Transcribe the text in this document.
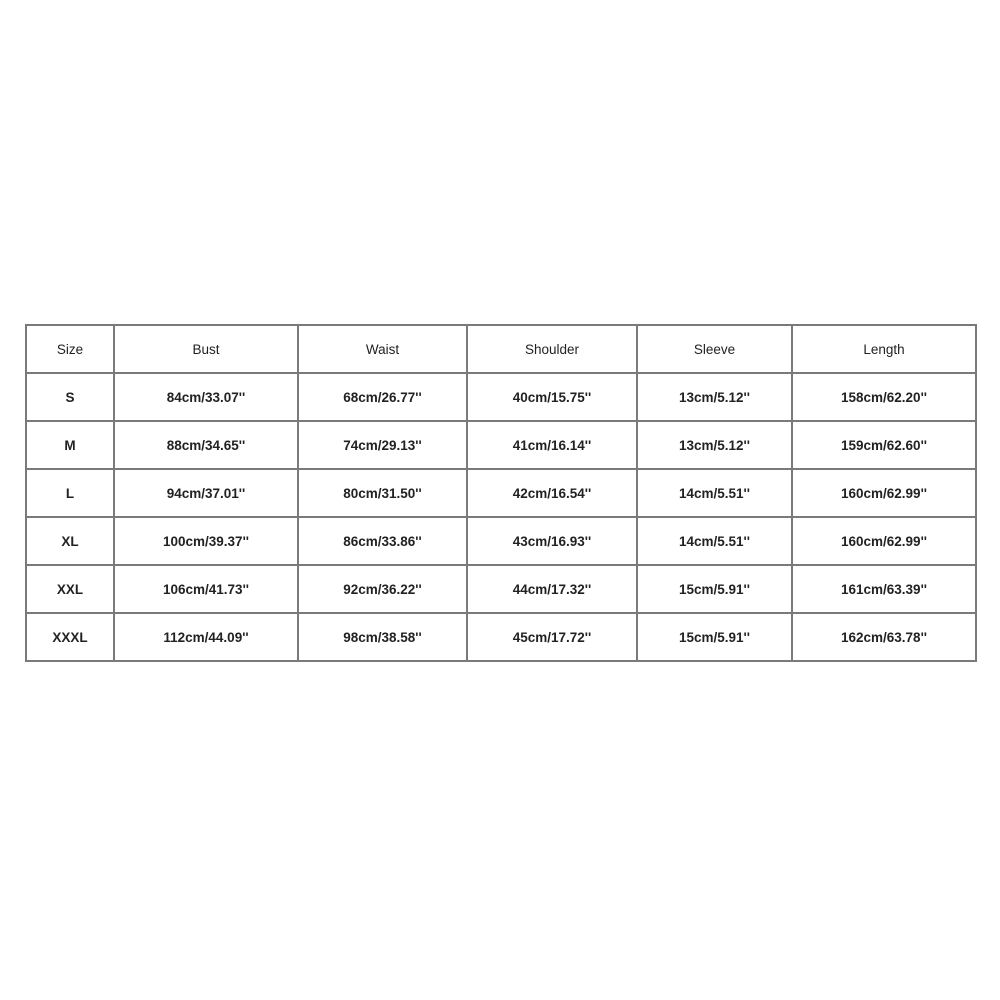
Size	Bust	Waist	Shoulder	Sleeve	Length
S	84cm/33.07''	68cm/26.77''	40cm/15.75''	13cm/5.12''	158cm/62.20''
M	88cm/34.65''	74cm/29.13''	41cm/16.14''	13cm/5.12''	159cm/62.60''
L	94cm/37.01''	80cm/31.50''	42cm/16.54''	14cm/5.51''	160cm/62.99''
XL	100cm/39.37''	86cm/33.86''	43cm/16.93''	14cm/5.51''	160cm/62.99''
XXL	106cm/41.73''	92cm/36.22''	44cm/17.32''	15cm/5.91''	161cm/63.39''
XXXL	112cm/44.09''	98cm/38.58''	45cm/17.72''	15cm/5.91''	162cm/63.78''
